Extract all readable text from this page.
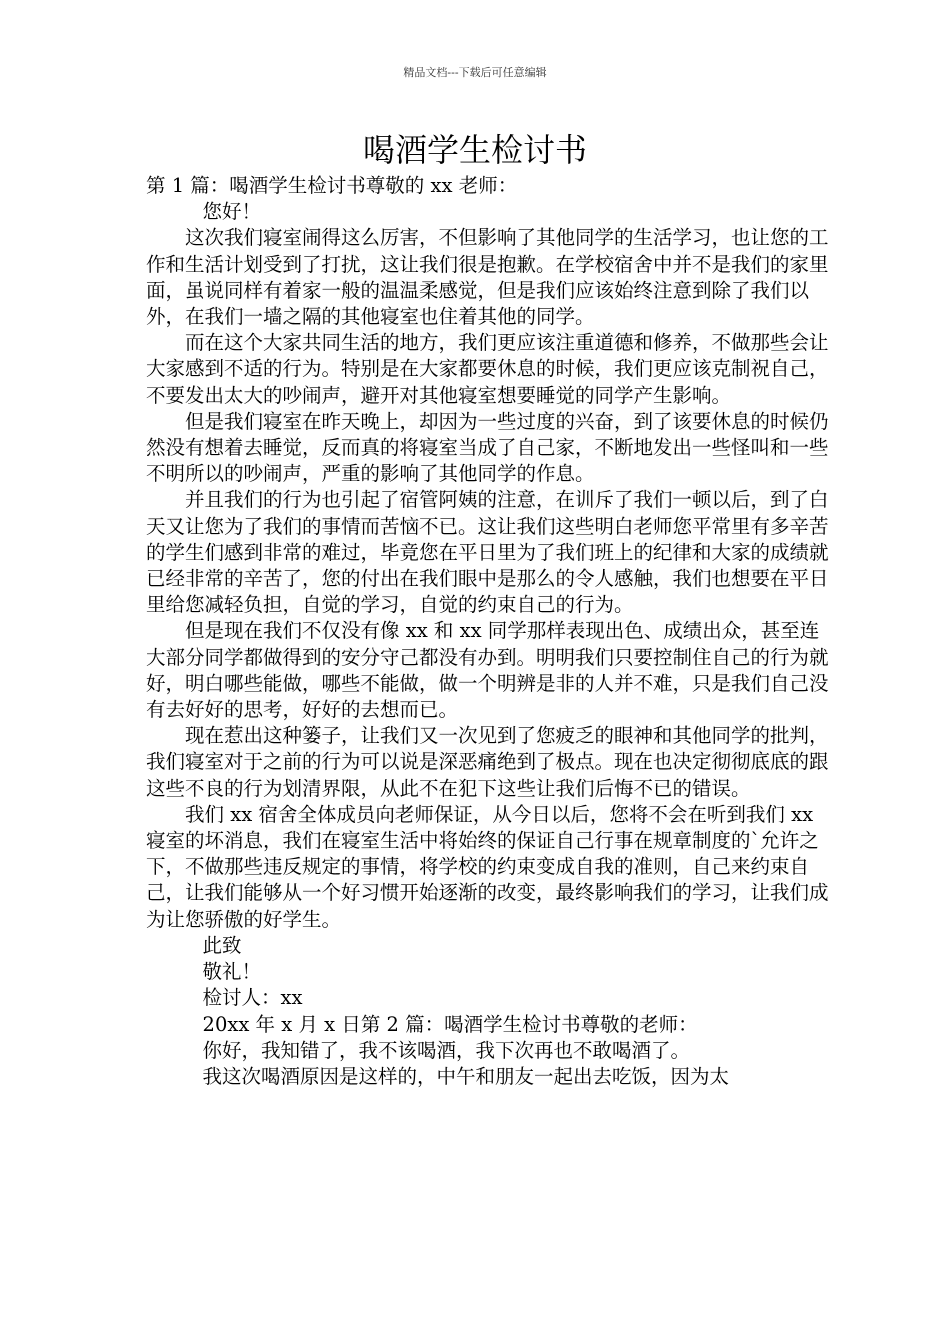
精品文档---下载后可任意编辑
喝酒学生检讨书

第 1 篇：喝酒学生检讨书尊敬的 xx 老师：

您好！

这次我们寝室闹得这么厉害，不但影响了其他同学的生活学习，也让您的工作和生活计划受到了打扰，这让我们很是抱歉。在学校宿舍中并不是我们的家里面，虽说同样有着家一般的温温柔感觉，但是我们应该始终注意到除了我们以外，在我们一墙之隔的其他寝室也住着其他的同学。

而在这个大家共同生活的地方，我们更应该注重道德和修养，不做那些会让大家感到不适的行为。特别是在大家都要休息的时候，我们更应该克制祝自己，不要发出太大的吵闹声，避开对其他寝室想要睡觉的同学产生影响。

但是我们寝室在昨天晚上，却因为一些过度的兴奋，到了该要休息的时候仍然没有想着去睡觉，反而真的将寝室当成了自己家，不断地发出一些怪叫和一些不明所以的吵闹声，严重的影响了其他同学的作息。

并且我们的行为也引起了宿管阿姨的注意，在训斥了我们一顿以后，到了白天又让您为了我们的事情而苦恼不已。这让我们这些明白老师您平常里有多辛苦的学生们感到非常的难过，毕竟您在平日里为了我们班上的纪律和大家的成绩就已经非常的辛苦了，您的付出在我们眼中是那么的令人感触，我们也想要在平日里给您减轻负担，自觉的学习，自觉的约束自己的行为。

但是现在我们不仅没有像 xx 和 xx 同学那样表现出色、成绩出众，甚至连大部分同学都做得到的安分守己都没有办到。明明我们只要控制住自己的行为就好，明白哪些能做，哪些不能做，做一个明辨是非的人并不难，只是我们自己没有去好好的思考，好好的去想而已。

现在惹出这种篓子，让我们又一次见到了您疲乏的眼神和其他同学的批判，我们寝室对于之前的行为可以说是深恶痛绝到了极点。现在也决定彻彻底底的跟这些不良的行为划清界限，从此不在犯下这些让我们后悔不已的错误。

我们 xx 宿舍全体成员向老师保证，从今日以后，您将不会在听到我们 xx 寝室的坏消息，我们在寝室生活中将始终的保证自己行事在规章制度的`允许之下，不做那些违反规定的事情，将学校的约束变成自我的准则，自己来约束自己，让我们能够从一个好习惯开始逐渐的改变，最终影响我们的学习，让我们成为让您骄傲的好学生。

此致

敬礼！

检讨人：xx

20xx 年 x 月 x 日第 2 篇：喝酒学生检讨书尊敬的老师：

你好，我知错了，我不该喝酒，我下次再也不敢喝酒了。

我这次喝酒原因是这样的，中午和朋友一起出去吃饭，因为太
